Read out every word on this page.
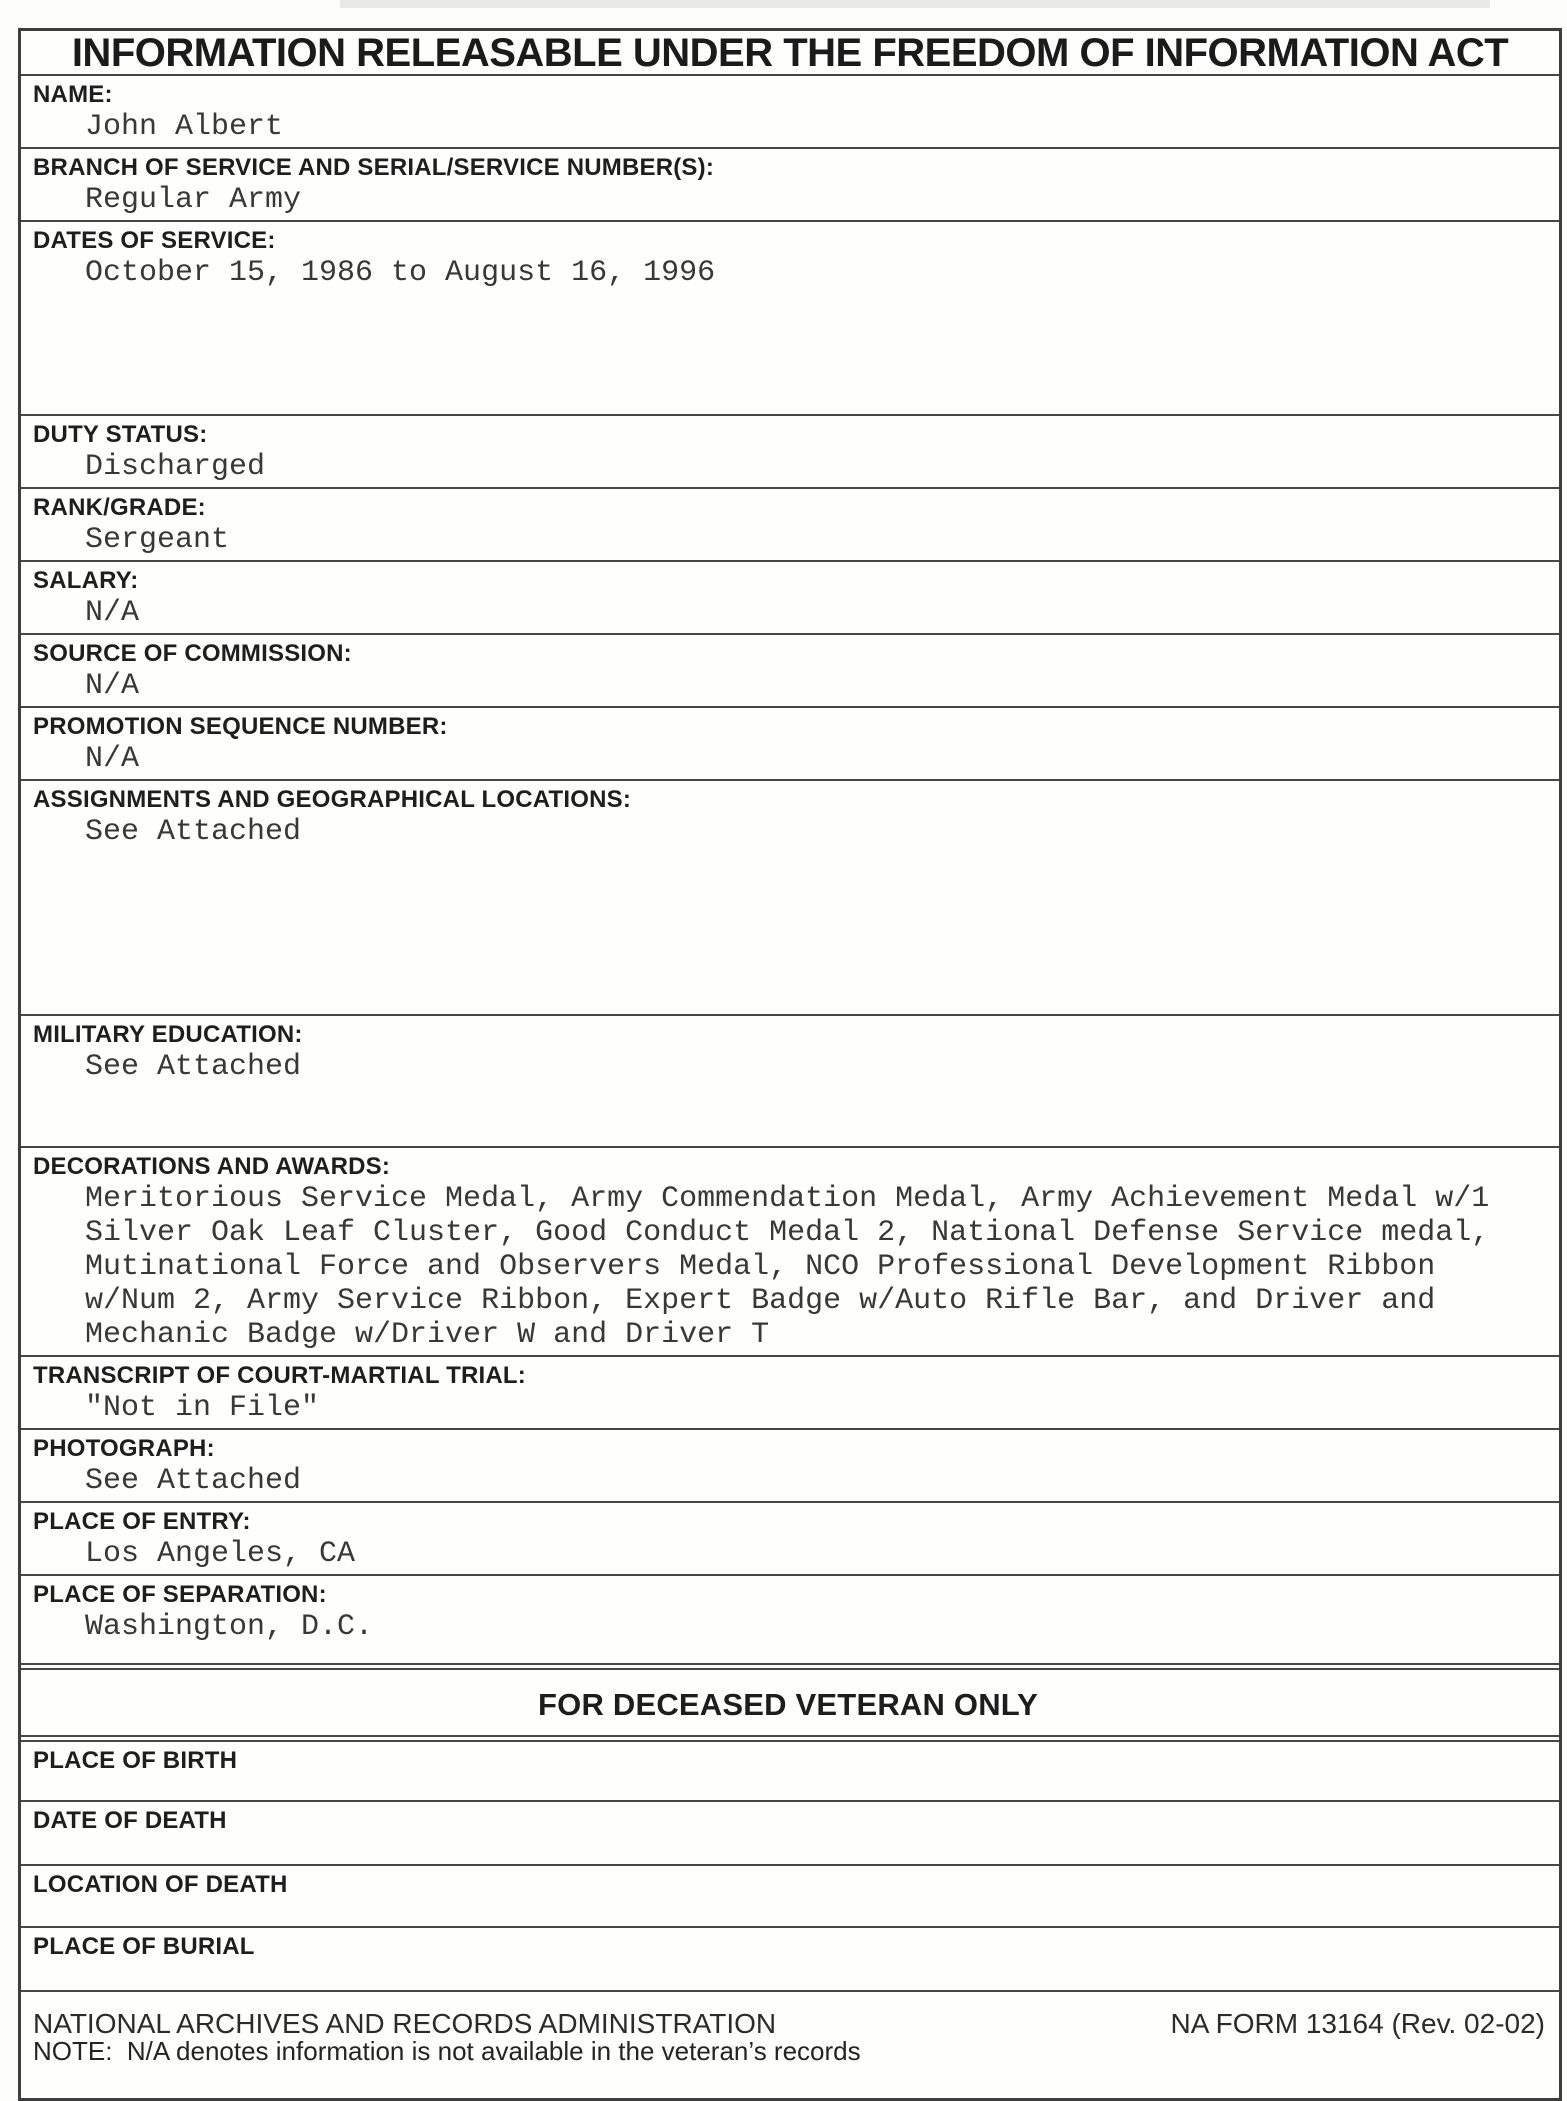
INFORMATION RELEASABLE UNDER THE FREEDOM OF INFORMATION ACT
NAME:
John Albert
BRANCH OF SERVICE AND SERIAL/SERVICE NUMBER(S):
Regular Army
DATES OF SERVICE:
October 15, 1986 to August 16, 1996
DUTY STATUS:
Discharged
RANK/GRADE:
Sergeant
SALARY:
N/A
SOURCE OF COMMISSION:
N/A
PROMOTION SEQUENCE NUMBER:
N/A
ASSIGNMENTS AND GEOGRAPHICAL LOCATIONS:
See Attached
MILITARY EDUCATION:
See Attached
DECORATIONS AND AWARDS:
Meritorious Service Medal, Army Commendation Medal, Army Achievement Medal w/1 Silver Oak Leaf Cluster, Good Conduct Medal 2, National Defense Service medal, Mutinational Force and Observers Medal, NCO Professional Development Ribbon w/Num 2, Army Service Ribbon, Expert Badge w/Auto Rifle Bar, and Driver and Mechanic Badge w/Driver W and Driver T
TRANSCRIPT OF COURT-MARTIAL TRIAL:
"Not in File"
PHOTOGRAPH:
See Attached
PLACE OF ENTRY:
Los Angeles, CA
PLACE OF SEPARATION:
Washington, D.C.
FOR DECEASED VETERAN ONLY
PLACE OF BIRTH
DATE OF DEATH
LOCATION OF DEATH
PLACE OF BURIAL
NOTE:  N/A denotes information is not available in the veteran’s records
NATIONAL ARCHIVES AND RECORDS ADMINISTRATION	NA FORM 13164 (Rev. 02-02)
